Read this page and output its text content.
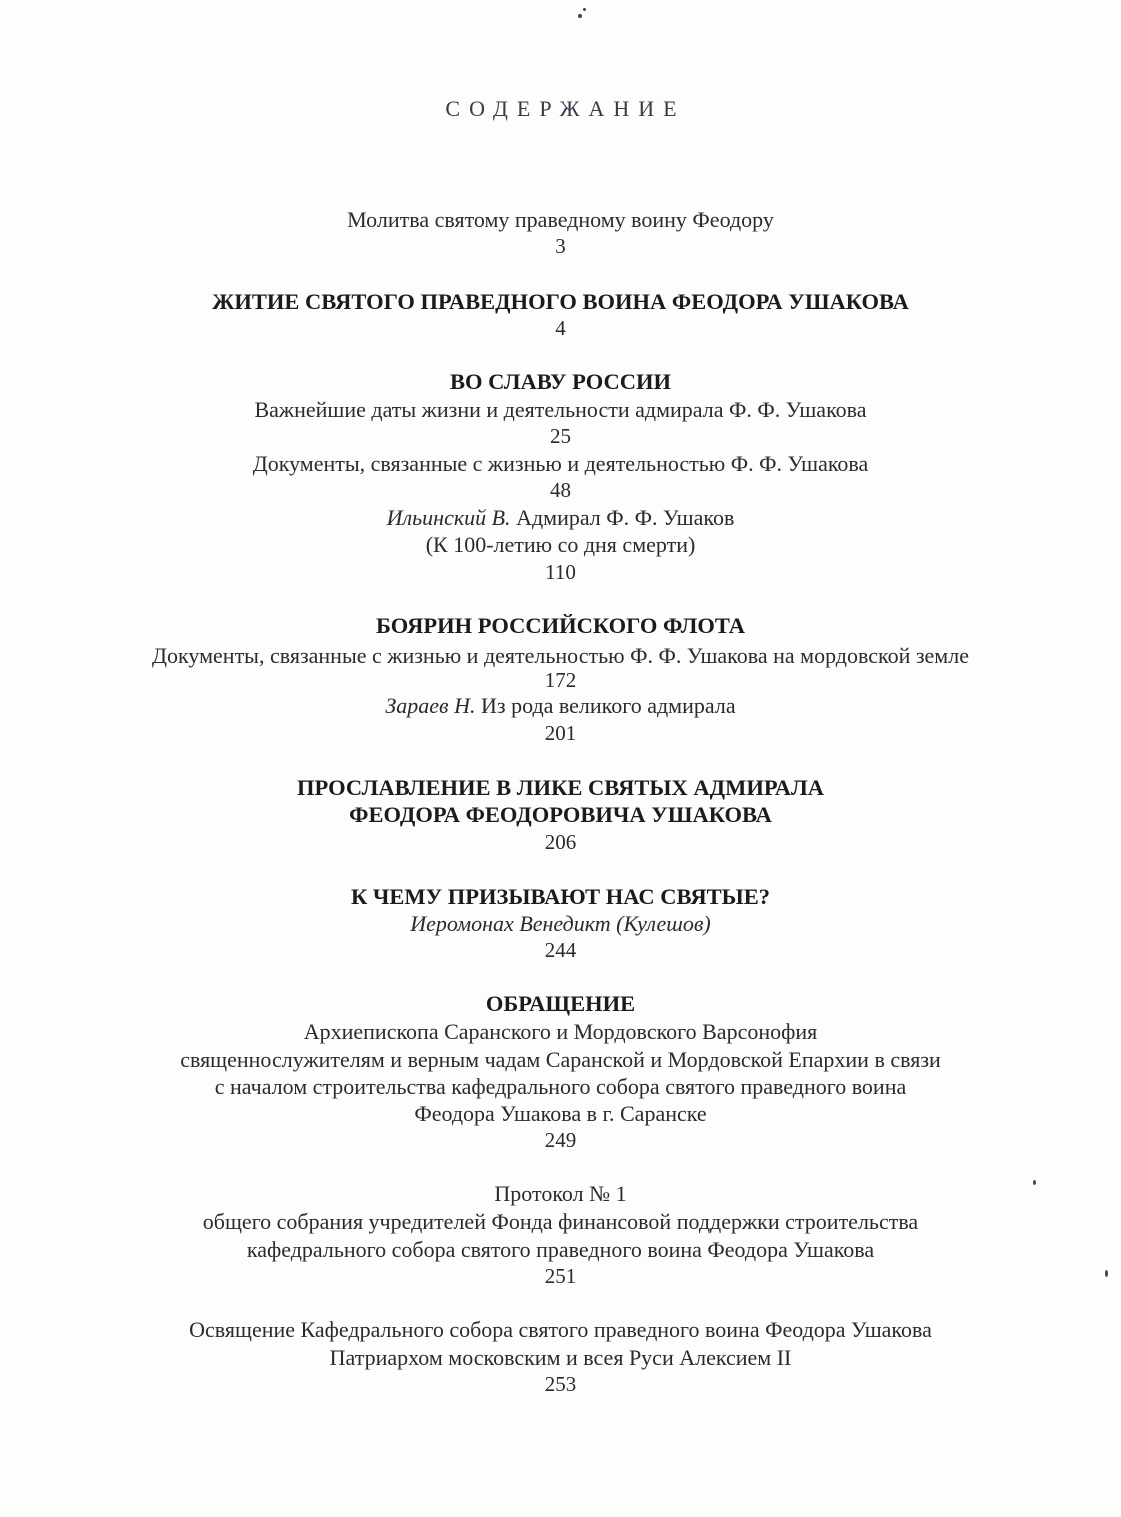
СОДЕРЖАНИЕ
Молитва святому праведному воину Феодору
3
ЖИТИЕ СВЯТОГО ПРАВЕДНОГО ВОИНА ФЕОДОРА УШАКОВА
4
ВО СЛАВУ РОССИИ
Важнейшие даты жизни и деятельности адмирала Ф. Ф. Ушакова
25
Документы, связанные с жизнью и деятельностью Ф. Ф. Ушакова
48
Ильинский В. Адмирал Ф. Ф. Ушаков
(К 100-летию со дня смерти)
110
БОЯРИН РОССИЙСКОГО ФЛОТА
Документы, связанные с жизнью и деятельностью Ф. Ф. Ушакова на мордовской земле
172
Зараев Н. Из рода великого адмирала
201
ПРОСЛАВЛЕНИЕ В ЛИКЕ СВЯТЫХ АДМИРАЛА
ФЕОДОРА ФЕОДОРОВИЧА УШАКОВА
206
К ЧЕМУ ПРИЗЫВАЮТ НАС СВЯТЫЕ?
Иеромонах Венедикт (Кулешов)
244
ОБРАЩЕНИЕ
Архиепископа Саранского и Мордовского Варсонофия
священнослужителям и верным чадам Саранской и Мордовской Епархии в связи
с началом строительства кафедрального собора святого праведного воина
Феодора Ушакова в г. Саранске
249
Протокол № 1
общего собрания учредителей Фонда финансовой поддержки строительства
кафедрального собора святого праведного воина Феодора Ушакова
251
Освящение Кафедрального собора святого праведного воина Феодора Ушакова
Патриархом московским и всея Руси Алексием II
253
